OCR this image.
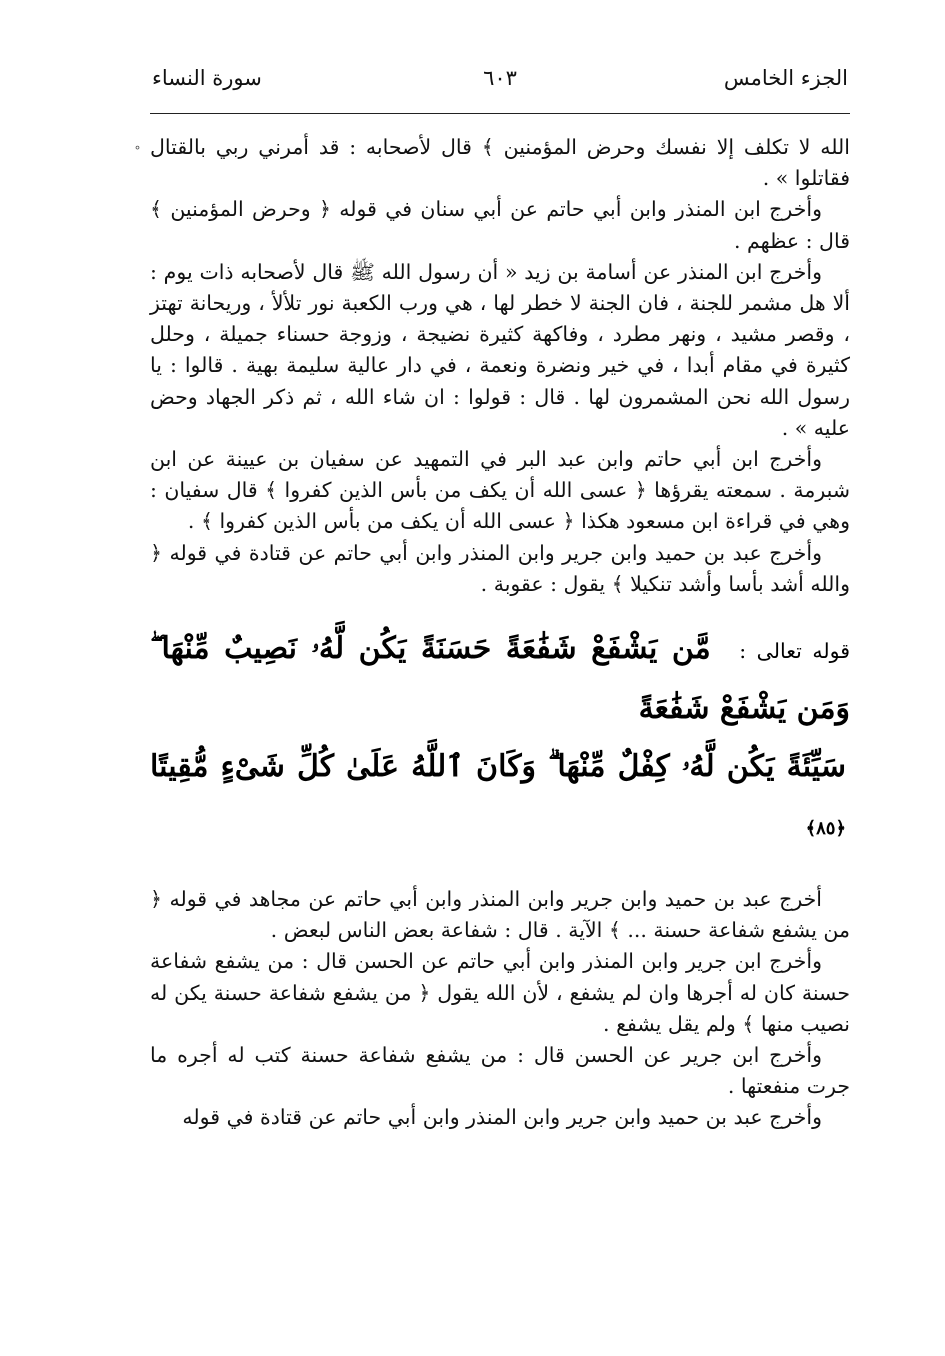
الجزء الخامس
٦٠٣
سورة النساء

الله لا تكلف إلا نفسك وحرض المؤمنين ﴾ قال لأصحابه : قد أمرني ربي بالقتال فقاتلوا » .

وأخرج ابن المنذر وابن أبي حاتم عن أبي سنان في قوله ﴿ وحرض المؤمنين ﴾ قال : عظهم .

وأخرج ابن المنذر عن أسامة بن زيد « أن رسول الله ﷺ قال لأصحابه ذات يوم : ألا هل مشمر للجنة ، فان الجنة لا خطر لها ، هي ورب الكعبة نور تلألأ ، وريحانة تهتز ، وقصر مشيد ، ونهر مطرد ، وفاكهة كثيرة نضيجة ، وزوجة حسناء جميلة ، وحلل كثيرة في مقام أبدا ، في خير ونضرة ونعمة ، في دار عالية سليمة بهية . قالوا : يا رسول الله نحن المشمرون لها . قال : قولوا : ان شاء الله ، ثم ذكر الجهاد وحض عليه » .

وأخرج ابن أبي حاتم وابن عبد البر في التمهيد عن سفيان بن عيينة عن ابن شبرمة . سمعته يقرؤها ﴿ عسى الله أن يكف من بأس الذين كفروا ﴾ قال سفيان : وهي في قراءة ابن مسعود هكذا ﴿ عسى الله أن يكف من بأس الذين كفروا ﴾ .

وأخرج عبد بن حميد وابن جرير وابن المنذر وابن أبي حاتم عن قتادة في قوله ﴿ والله أشد بأسا وأشد تنكيلا ﴾ يقول : عقوبة .

قوله تعالى : مَّن يَشْفَعْ شَفَٰعَةً حَسَنَةً يَكُن لَّهُۥ نَصِيبٌ مِّنْهَا ۖ وَمَن يَشْفَعْ شَفَٰعَةً
سَيِّئَةً يَكُن لَّهُۥ كِفْلٌ مِّنْهَا ۗ وَكَانَ ٱللَّهُ عَلَىٰ كُلِّ شَىْءٍ مُّقِيتًا ﴿٨٥﴾

أخرج عبد بن حميد وابن جرير وابن المنذر وابن أبي حاتم عن مجاهد في قوله ﴿ من يشفع شفاعة حسنة ... ﴾ الآية . قال : شفاعة بعض الناس لبعض .

وأخرج ابن جرير وابن المنذر وابن أبي حاتم عن الحسن قال : من يشفع شفاعة حسنة كان له أجرها وان لم يشفع ، لأن الله يقول ﴿ من يشفع شفاعة حسنة يكن له نصيب منها ﴾ ولم يقل يشفع .

وأخرج ابن جرير عن الحسن قال : من يشفع شفاعة حسنة كتب له أجره ما جرت منفعتها .

وأخرج عبد بن حميد وابن جرير وابن المنذر وابن أبي حاتم عن قتادة في قوله
